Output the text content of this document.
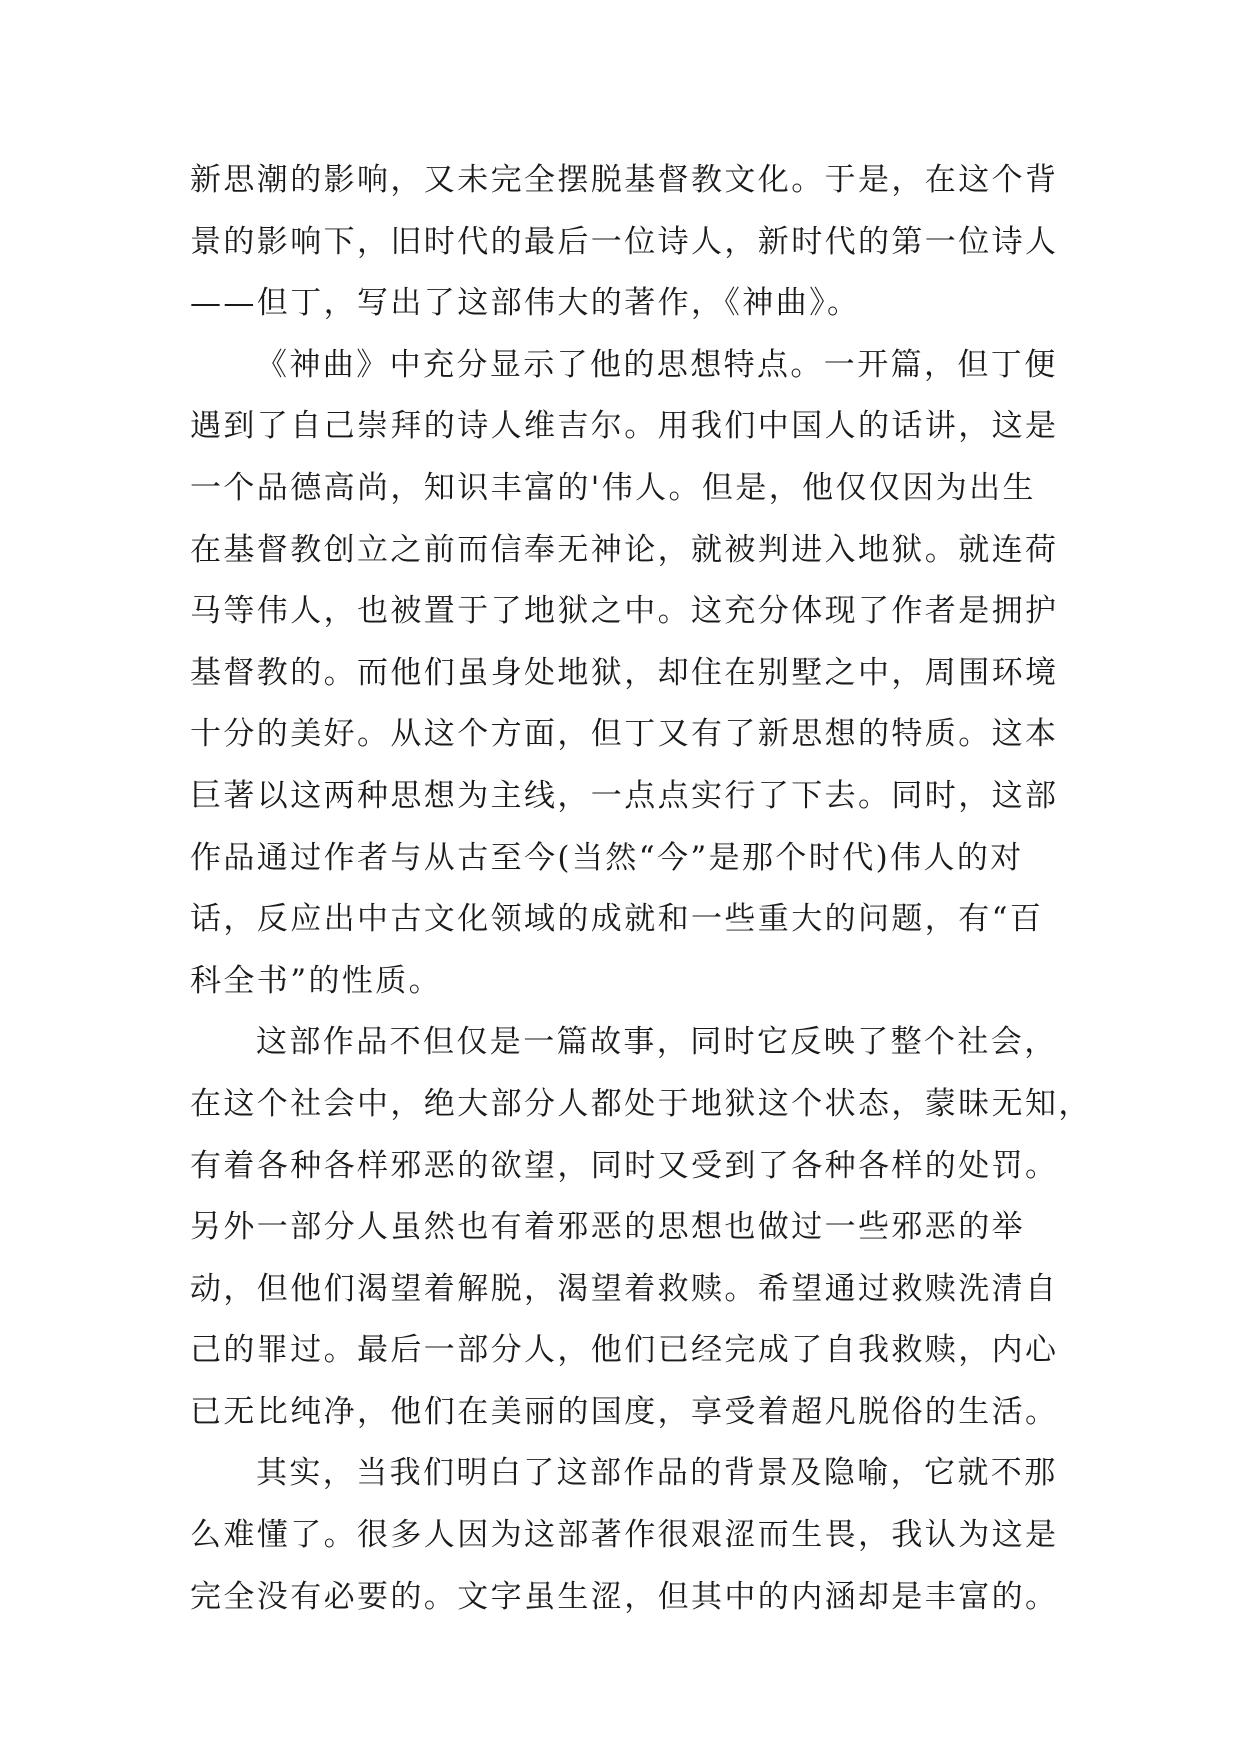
新思潮的影响，又未完全摆脱基督教文化。于是，在这个背
景的影响下，旧时代的最后一位诗人，新时代的第一位诗人
——但丁，写出了这部伟大的著作，《神曲》。
《神曲》中充分显示了他的思想特点。一开篇，但丁便
遇到了自己崇拜的诗人维吉尔。用我们中国人的话讲，这是
一个品德高尚，知识丰富的'伟人。但是，他仅仅因为出生
在基督教创立之前而信奉无神论，就被判进入地狱。就连荷
马等伟人，也被置于了地狱之中。这充分体现了作者是拥护
基督教的。而他们虽身处地狱，却住在别墅之中，周围环境
十分的美好。从这个方面，但丁又有了新思想的特质。这本
巨著以这两种思想为主线，一点点实行了下去。同时，这部
作品通过作者与从古至今(当然“今”是那个时代)伟人的对
话，反应出中古文化领域的成就和一些重大的问题，有“百
科全书”的性质。
这部作品不但仅是一篇故事，同时它反映了整个社会，
在这个社会中，绝大部分人都处于地狱这个状态，蒙昧无知，
有着各种各样邪恶的欲望，同时又受到了各种各样的处罚。
另外一部分人虽然也有着邪恶的思想也做过一些邪恶的举
动，但他们渴望着解脱，渴望着救赎。希望通过救赎洗清自
己的罪过。最后一部分人，他们已经完成了自我救赎，内心
已无比纯净，他们在美丽的国度，享受着超凡脱俗的生活。
其实，当我们明白了这部作品的背景及隐喻，它就不那
么难懂了。很多人因为这部著作很艰涩而生畏，我认为这是
完全没有必要的。文字虽生涩，但其中的内涵却是丰富的。
